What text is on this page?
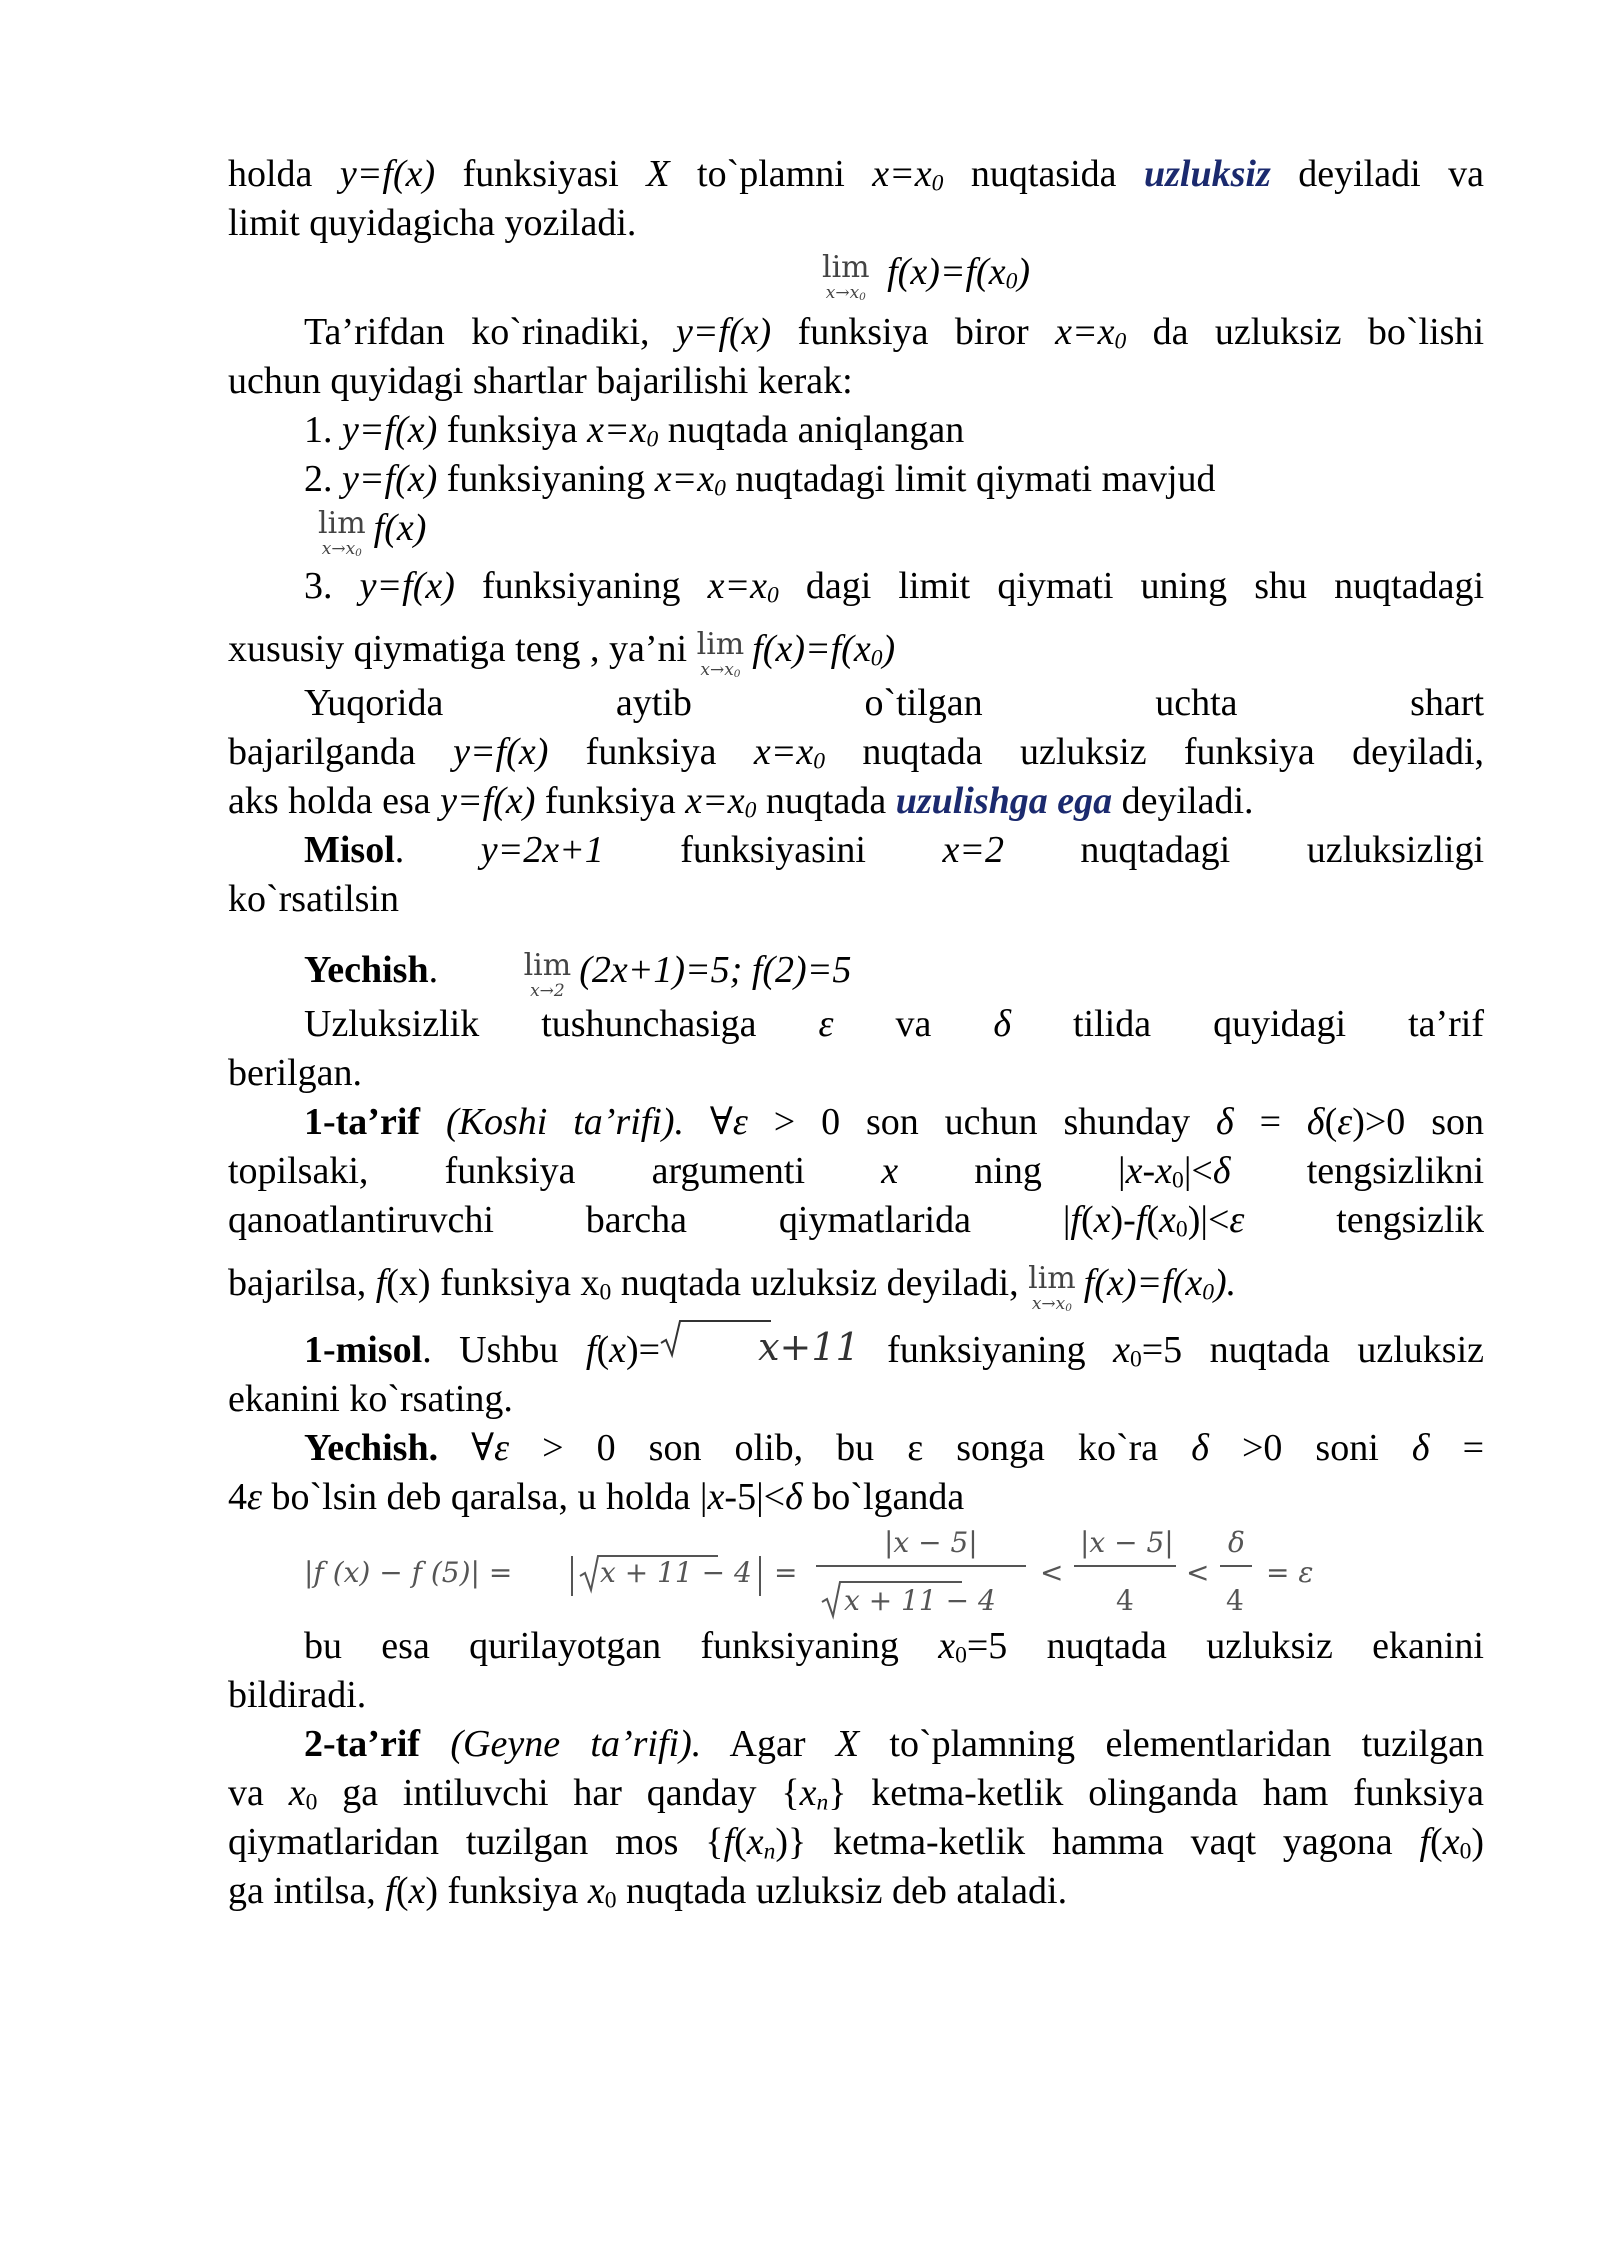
holda y=f(x) funksiyasi X to`plamni $x=x_0$ nuqtasida uzluksiz deyiladi va

limit quyidagicha yoziladi.

lim
$x\to x_0$
$f(x)=f(x_0)$

Ta’rifdan ko`rinadiki, y=f(x) funksiya biror $x=x_0$ da uzluksiz bo`lishi

uchun quyidagi shartlar bajarilishi kerak:

1. y=f(x) funksiya $x=x_0$ nuqtada aniqlangan

2. y=f(x) funksiyaning $x=x_0$ nuqtadagi limit qiymati mavjud

lim
$x\to x_0$
f(x)

3. y=f(x) funksiyaning $x=x_0$ dagi limit qiymati uning shu nuqtadagi

xususiy qiymatiga teng , ya’ni lim
$x\to x_0$
$f(x)=f(x_0)$

Yuqorida aytib o`tilgan uchta shart

bajarilganda y=f(x) funksiya $x=x_0$ nuqtada uzluksiz funksiya deyiladi,

aks holda esa y=f(x) funksiya $x=x_0$ nuqtada uzulishga ega deyiladi.

Misol. y=2x+1 funksiyasini x=2 nuqtadagi uzluksizligi

ko`rsatilsin

Yechish.	lim
x→2 (2x+1)=5; f(2)=5

Uzluksizlik tushunchasiga ε va δ tilida quyidagi ta’rif

berilgan.

1-ta’rif (Koshi ta’rifi). ∀ε > 0 son uchun shunday δ = δ(ε)>0 son

topilsaki, funksiya argumenti x ning $|x-x_0|<\delta$ tengsizlikni

qanoatlantiruvchi barcha qiymatlarida $|f(x)-f(x_0)|<\varepsilon$ tengsizlik

bajarilsa, f(x) funksiya $x_0$ nuqtada uzluksiz deyiladi, lim
$x\to x_0$
$f(x)=f(x_0)$.

1-misol. Ushbu f(x)=	x+11 funksiyaning $x_0=5$ nuqtada uzluksiz

ekanini ko`rsating.

Yechish. ∀ε > 0 son olib, bu ε songa ko`ra δ >0 soni δ =

4ε bo`lsin deb qaralsa, u holda |x-5|<δ bo`lganda

|f (x) − f (5)| =	x + 11 − 4 =
|x − 5|
x + 11 − 4
<
|x − 5|
4
<
δ
4
= ε

bu esa qurilayotgan funksiyaning $x_0=5$ nuqtada uzluksiz ekanini

bildiradi.

2-ta’rif (Geyne ta’rifi). Agar X to`plamning elementlaridan tuzilgan

va $x_0$ ga intiluvchi har qanday $\{x_n\}$ ketma-ketlik olinganda ham funksiya

qiymatlaridan tuzilgan mos $\{f(x_n)\}$ ketma-ketlik hamma vaqt yagona $f(x_0)$

ga intilsa, f(x) funksiya $x_0$ nuqtada uzluksiz deb ataladi.
